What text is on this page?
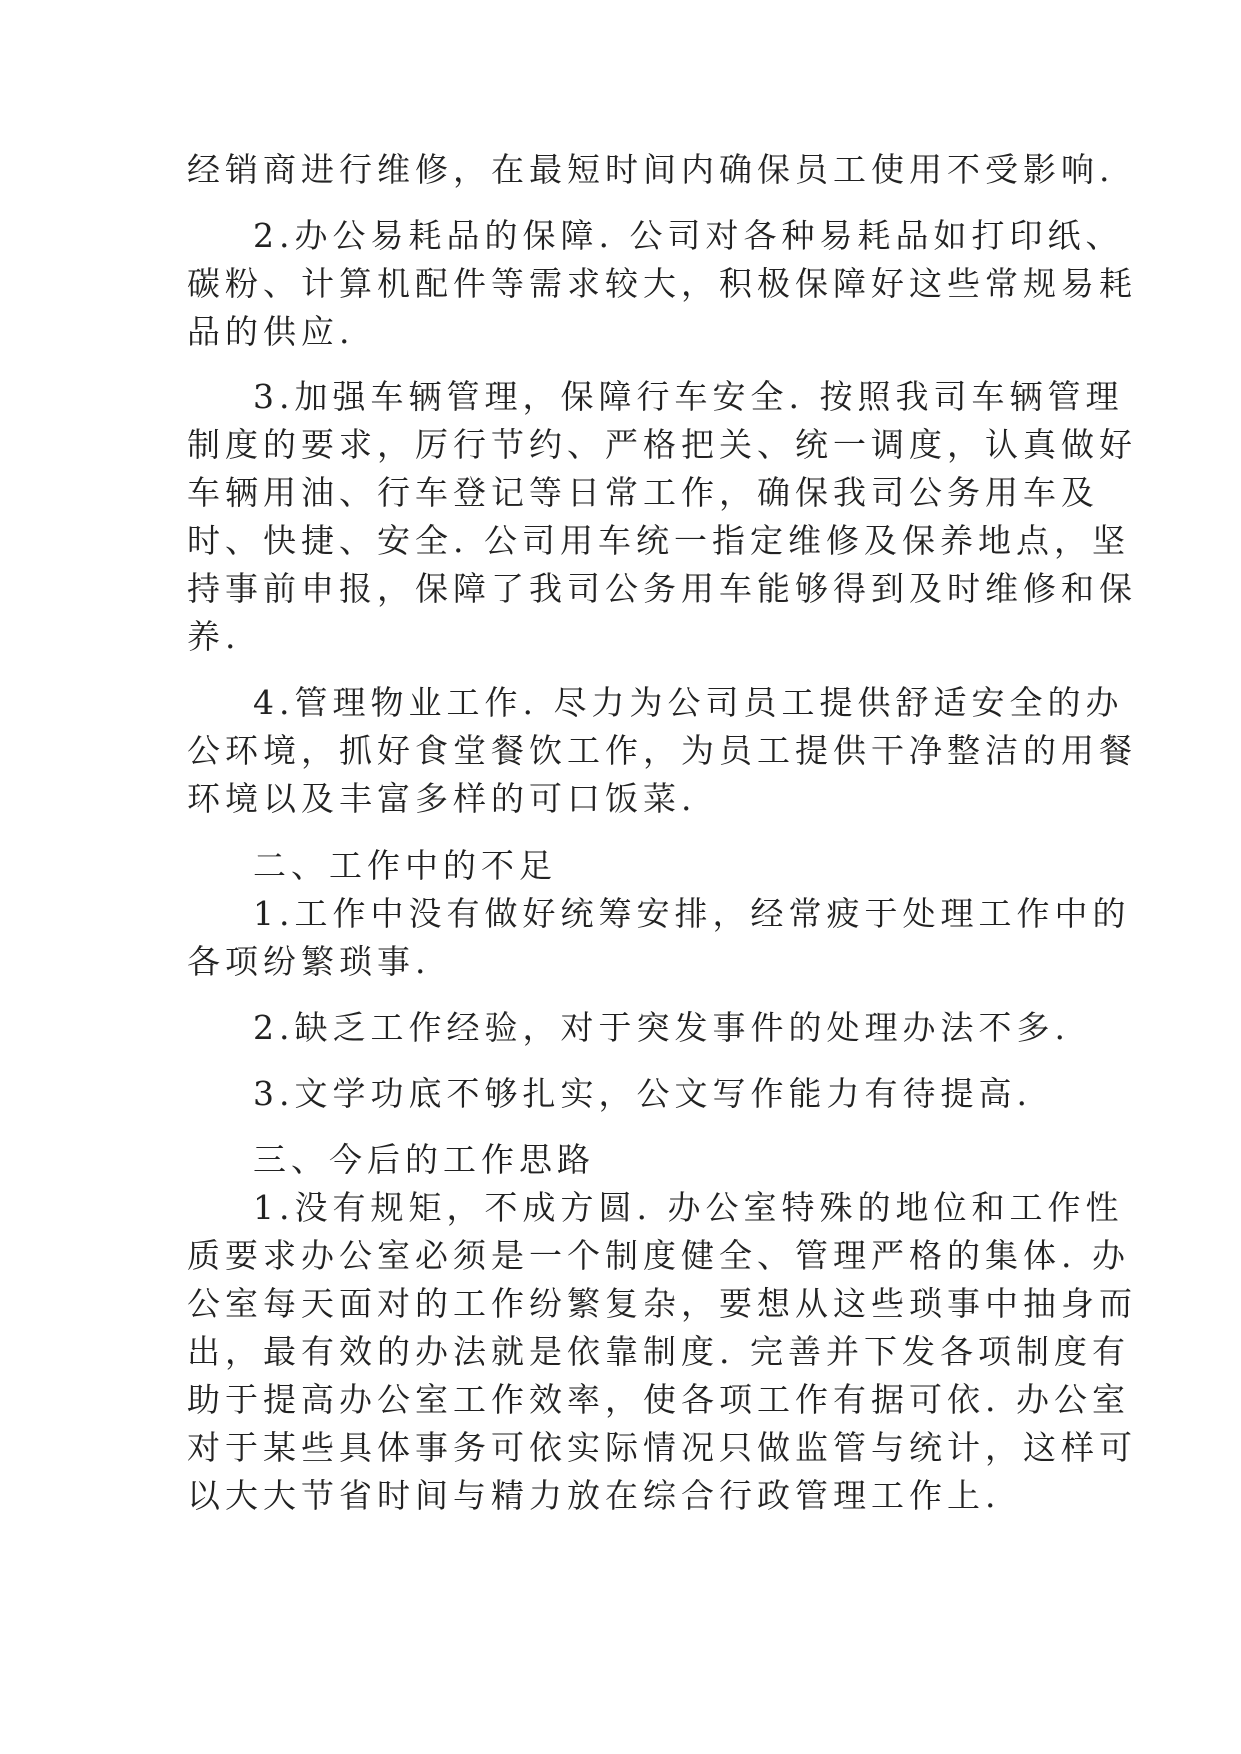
经销商进行维修，在最短时间内确保员工使用不受影响.
2.办公易耗品的保障. 公司对各种易耗品如打印纸、
碳粉、计算机配件等需求较大，积极保障好这些常规易耗
品的供应.
3.加强车辆管理，保障行车安全. 按照我司车辆管理
制度的要求，厉行节约、严格把关、统一调度，认真做好
车辆用油、行车登记等日常工作，确保我司公务用车及
时、快捷、安全. 公司用车统一指定维修及保养地点，坚
持事前申报，保障了我司公务用车能够得到及时维修和保
养.
4.管理物业工作. 尽力为公司员工提供舒适安全的办
公环境，抓好食堂餐饮工作，为员工提供干净整洁的用餐
环境以及丰富多样的可口饭菜.
二、工作中的不足
1.工作中没有做好统筹安排，经常疲于处理工作中的
各项纷繁琐事.
2.缺乏工作经验，对于突发事件的处理办法不多.
3.文学功底不够扎实，公文写作能力有待提高.
三、今后的工作思路
1.没有规矩，不成方圆. 办公室特殊的地位和工作性
质要求办公室必须是一个制度健全、管理严格的集体. 办
公室每天面对的工作纷繁复杂，要想从这些琐事中抽身而
出，最有效的办法就是依靠制度. 完善并下发各项制度有
助于提高办公室工作效率，使各项工作有据可依. 办公室
对于某些具体事务可依实际情况只做监管与统计，这样可
以大大节省时间与精力放在综合行政管理工作上.
